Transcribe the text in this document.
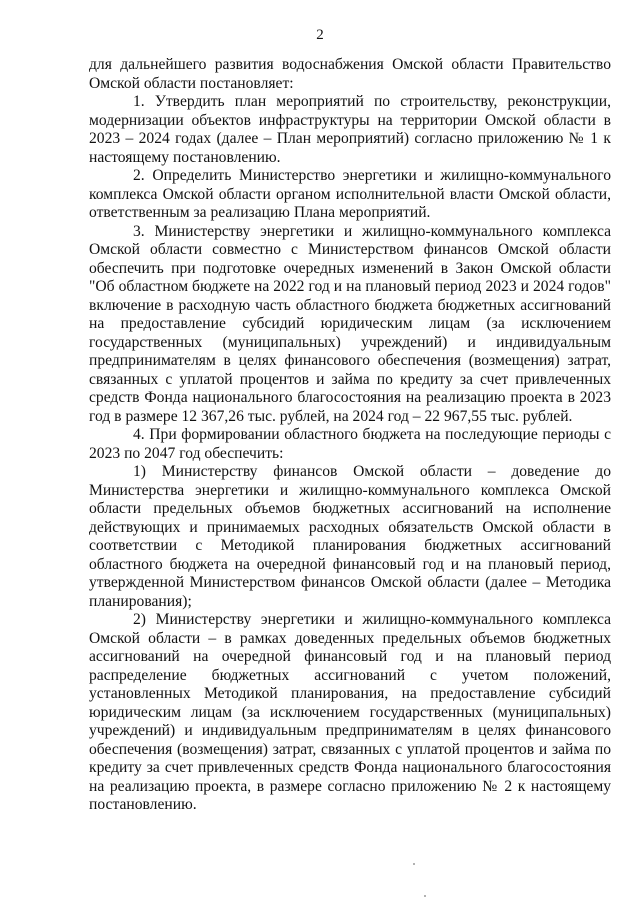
2

для дальнейшего развития водоснабжения Омской области Правительство Омской области постановляет:

1. Утвердить план мероприятий по строительству, реконструкции, модернизации объектов инфраструктуры на территории Омской области в 2023 – 2024 годах (далее – План мероприятий) согласно приложению № 1 к настоящему постановлению.

2. Определить Министерство энергетики и жилищно-коммунального комплекса Омской области органом исполнительной власти Омской области, ответственным за реализацию Плана мероприятий.

3. Министерству энергетики и жилищно-коммунального комплекса Омской области совместно с Министерством финансов Омской области обеспечить при подготовке очередных изменений в Закон Омской области "Об областном бюджете на 2022 год и на плановый период 2023 и 2024 годов" включение в расходную часть областного бюджета бюджетных ассигнований на предоставление субсидий юридическим лицам (за исключением государственных (муниципальных) учреждений) и индивидуальным предпринимателям в целях финансового обеспечения (возмещения) затрат, связанных с уплатой процентов и займа по кредиту за счет привлеченных средств Фонда национального благосостояния на реализацию проекта в 2023 год в размере 12 367,26 тыс. рублей, на 2024 год – 22 967,55 тыс. рублей.

4. При формировании областного бюджета на последующие периоды с 2023 по 2047 год обеспечить:

1) Министерству финансов Омской области – доведение до Министерства энергетики и жилищно-коммунального комплекса Омской области предельных объемов бюджетных ассигнований на исполнение действующих и принимаемых расходных обязательств Омской области в соответствии с Методикой планирования бюджетных ассигнований областного бюджета на очередной финансовый год и на плановый период, утвержденной Министерством финансов Омской области (далее – Методика планирования);

2) Министерству энергетики и жилищно-коммунального комплекса Омской области – в рамках доведенных предельных объемов бюджетных ассигнований на очередной финансовый год и на плановый период распределение бюджетных ассигнований с учетом положений, установленных Методикой планирования, на предоставление субсидий юридическим лицам (за исключением государственных (муниципальных) учреждений) и индивидуальным предпринимателям в целях финансового обеспечения (возмещения) затрат, связанных с уплатой процентов и займа по кредиту за счет привлеченных средств Фонда национального благосостояния на реализацию проекта, в размере согласно приложению № 2 к настоящему постановлению.
